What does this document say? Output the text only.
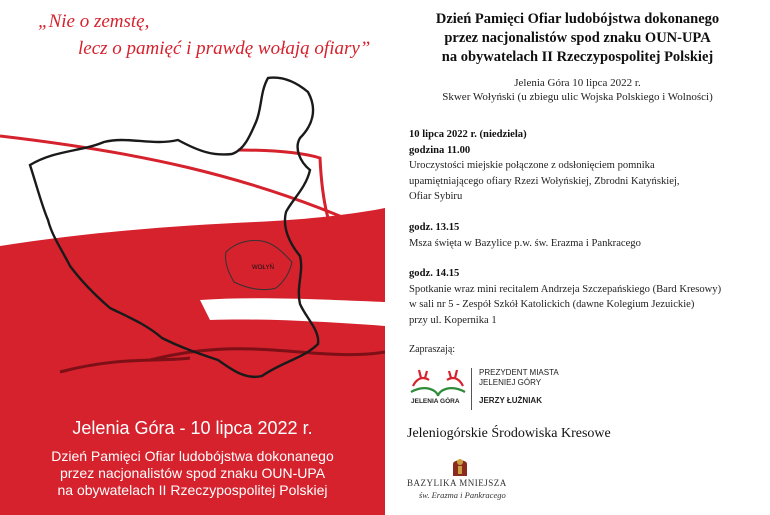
WOŁYŃ
„Nie o zemstę,
lecz o pamięć i prawdę wołają ofiary”
Jelenia Góra - 10 lipca 2022 r.
Dzień Pamięci Ofiar ludobójstwa dokonanego
przez nacjonalistów spod znaku OUN-UPA
na obywatelach II Rzeczypospolitej Polskiej
Dzień Pamięci Ofiar ludobójstwa dokonanego
przez nacjonalistów spod znaku OUN-UPA
na obywatelach II Rzeczypospolitej Polskiej
Jelenia Góra 10 lipca 2022 r.
Skwer Wołyński (u zbiegu ulic Wojska Polskiego i Wolności)
10 lipca 2022 r. (niedziela)
godzina 11.00
Uroczystości miejskie połączone z odsłonięciem pomnika
upamiętniającego ofiary Rzezi Wołyńskiej, Zbrodni Katyńskiej,
Ofiar Sybiru
godz. 13.15
Msza święta w Bazylice p.w. św. Erazma i Pankracego
godz. 14.15
Spotkanie wraz mini recitalem Andrzeja Szczepańskiego (Bard Kresowy)
w sali nr 5 - Zespół Szkół Katolickich (dawne Kolegium Jezuickie)
przy ul. Kopernika 1
Zapraszają:
JELENIA GÓRA
PREZYDENT MIASTA
JELENIEJ GÓRY
JERZY ŁUŻNIAK
Jeleniogórskie Środowiska Kresowe
BAZYLIKA MNIEJSZA
św. Erazma i Pankracego
